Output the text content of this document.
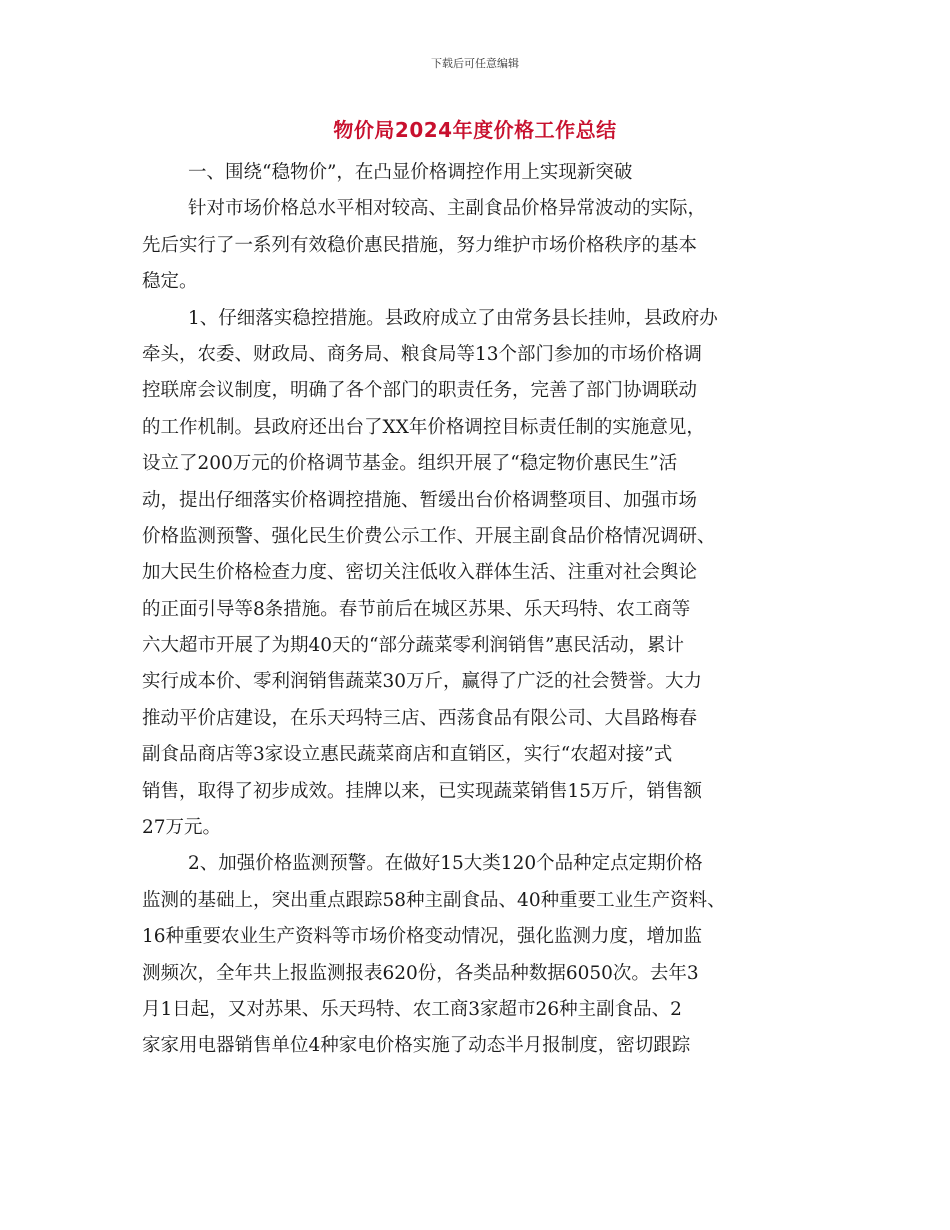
下载后可任意编辑
物价局2024年度价格工作总结
一、围绕“稳物价”，在凸显价格调控作用上实现新突破
针对市场价格总水平相对较高、主副食品价格异常波动的实际，
先后实行了一系列有效稳价惠民措施，努力维护市场价格秩序的基本
稳定。
1、仔细落实稳控措施。县政府成立了由常务县长挂帅，县政府办
牵头，农委、财政局、商务局、粮食局等13个部门参加的市场价格调
控联席会议制度，明确了各个部门的职责任务，完善了部门协调联动
的工作机制。县政府还出台了XX年价格调控目标责任制的实施意见，
设立了200万元的价格调节基金。组织开展了“稳定物价惠民生”活
动，提出仔细落实价格调控措施、暂缓出台价格调整项目、加强市场
价格监测预警、强化民生价费公示工作、开展主副食品价格情况调研、
加大民生价格检查力度、密切关注低收入群体生活、注重对社会舆论
的正面引导等8条措施。春节前后在城区苏果、乐天玛特、农工商等
六大超市开展了为期40天的“部分蔬菜零利润销售”惠民活动，累计
实行成本价、零利润销售蔬菜30万斤，赢得了广泛的社会赞誉。大力
推动平价店建设，在乐天玛特三店、西荡食品有限公司、大昌路梅春
副食品商店等3家设立惠民蔬菜商店和直销区，实行“农超对接”式
销售，取得了初步成效。挂牌以来，已实现蔬菜销售15万斤，销售额
27万元。
2、加强价格监测预警。在做好15大类120个品种定点定期价格
监测的基础上，突出重点跟踪58种主副食品、40种重要工业生产资料、
16种重要农业生产资料等市场价格变动情况，强化监测力度，增加监
测频次，全年共上报监测报表620份，各类品种数据6050次。去年3
月1日起，又对苏果、乐天玛特、农工商3家超市26种主副食品、2
家家用电器销售单位4种家电价格实施了动态半月报制度，密切跟踪
